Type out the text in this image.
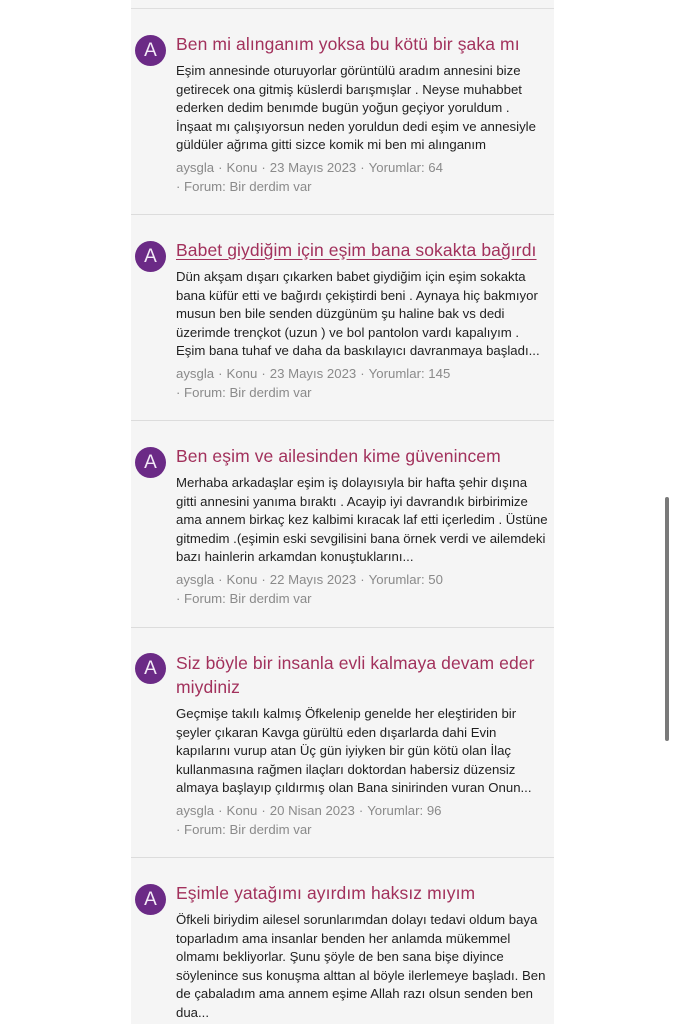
A	Ben mi alınganım yoksa bu kötü bir şaka mı
Eşim annesinde oturuyorlar görüntülü aradım annesini bize getirecek ona gitmiş küslerdi barışmışlar . Neyse muhabbet ederken dedim benımde bugün yoğun geçiyor yoruldum . İnşaat mı çalışıyorsun neden yoruldun dedi eşim ve annesiyle güldüler ağrıma gitti sizce komik mi ben mi alınganım
aysgla · Konu · 23 Mayıs 2023 · Yorumlar: 64
· Forum: Bir derdim var
A	Babet giydiğim için eşim bana sokakta bağırdı
Dün akşam dışarı çıkarken babet giydiğim için eşim sokakta bana küfür etti ve bağırdı çekiştirdi beni . Aynaya hiç bakmıyor musun ben bile senden düzgünüm şu haline bak vs dedi üzerimde trençkot (uzun ) ve bol pantolon vardı kapalıyım . Eşim bana tuhaf ve daha da baskılayıcı davranmaya başladı...
aysgla · Konu · 23 Mayıs 2023 · Yorumlar: 145
· Forum: Bir derdim var
A	Ben eşim ve ailesinden kime güvenincem
Merhaba arkadaşlar eşim iş dolayısıyla bir hafta şehir dışına gitti annesini yanıma bıraktı . Acayip iyi davrandık birbirimize ama annem birkaç kez kalbimi kıracak laf etti içerledim . Üstüne gitmedim .(eşimin eski sevgilisini bana örnek verdi ve ailemdeki bazı hainlerin arkamdan konuştuklarını...
aysgla · Konu · 22 Mayıs 2023 · Yorumlar: 50
· Forum: Bir derdim var
A	Siz böyle bir insanla evli kalmaya devam eder miydiniz
Geçmişe takılı kalmış Öfkelenip genelde her eleştiriden bir şeyler çıkaran Kavga gürültü eden dışarlarda dahi Evin kapılarını vurup atan Üç gün iyiyken bir gün kötü olan İlaç kullanmasına rağmen ilaçları doktordan habersiz düzensiz almaya başlayıp çıldırmış olan Bana sinirinden vuran Onun...
aysgla · Konu · 20 Nisan 2023 · Yorumlar: 96
· Forum: Bir derdim var
A	Eşimle yatağımı ayırdım haksız mıyım
Öfkeli biriydim ailesel sorunlarımdan dolayı tedavi oldum baya toparladım ama insanlar benden her anlamda mükemmel olmamı bekliyorlar. Şunu şöyle de ben sana bişe diyince söylenince sus konuşma alttan al böyle ilerlemeye başladı. Ben de çabaladım ama annem eşime Allah razı olsun senden ben dua...
